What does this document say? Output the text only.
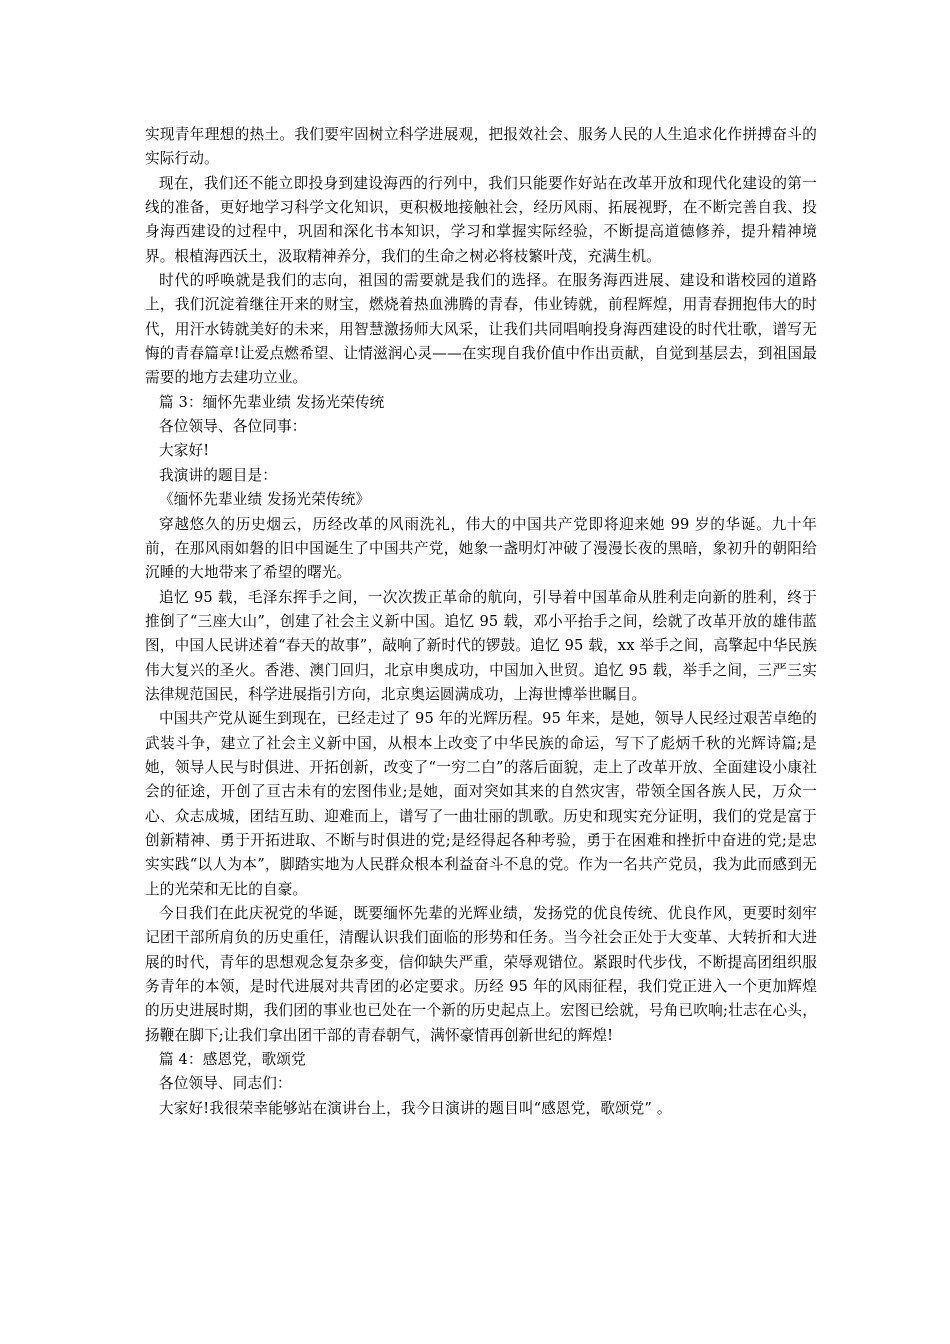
实现青年理想的热土。我们要牢固树立科学进展观，把报效社会、服务人民的人生追求化作拼搏奋斗的实际行动。

现在，我们还不能立即投身到建设海西的行列中，我们只能要作好站在改革开放和现代化建设的第一线的准备，更好地学习科学文化知识，更积极地接触社会，经历风雨、拓展视野，在不断完善自我、投身海西建设的过程中，巩固和深化书本知识，学习和掌握实际经验，不断提高道德修养，提升精神境界。根植海西沃土，汲取精神养分，我们的生命之树必将枝繁叶茂，充满生机。

时代的呼唤就是我们的志向，祖国的需要就是我们的选择。在服务海西进展、建设和谐校园的道路上，我们沉淀着继往开来的财宝，燃烧着热血沸腾的青春，伟业铸就，前程辉煌，用青春拥抱伟大的时代，用汗水铸就美好的未来，用智慧激扬师大风采，让我们共同唱响投身海西建设的时代壮歌，谱写无悔的青春篇章!让爱点燃希望、让情滋润心灵——在实现自我价值中作出贡献，自觉到基层去，到祖国最需要的地方去建功立业。

篇 3：缅怀先辈业绩 发扬光荣传统

各位领导、各位同事：

大家好!

我演讲的题目是：

《缅怀先辈业绩 发扬光荣传统》

穿越悠久的历史烟云，历经改革的风雨洗礼，伟大的中国共产党即将迎来她 99 岁的华诞。九十年前，在那风雨如磐的旧中国诞生了中国共产党，她象一盏明灯冲破了漫漫长夜的黑暗，象初升的朝阳给沉睡的大地带来了希望的曙光。

追忆 95 载，毛泽东挥手之间，一次次拨正革命的航向，引导着中国革命从胜利走向新的胜利，终于推倒了“三座大山”，创建了社会主义新中国。追忆 95 载，邓小平抬手之间，绘就了改革开放的雄伟蓝图，中国人民讲述着“春天的故事”，敲响了新时代的锣鼓。追忆 95 载，xx 举手之间，高擎起中华民族伟大复兴的圣火。香港、澳门回归，北京申奥成功，中国加入世贸。追忆 95 载，举手之间，三严三实法律规范国民，科学进展指引方向，北京奥运圆满成功，上海世博举世瞩目。

中国共产党从诞生到现在，已经走过了 95 年的光辉历程。95 年来，是她，领导人民经过艰苦卓绝的武装斗争，建立了社会主义新中国，从根本上改变了中华民族的命运，写下了彪炳千秋的光辉诗篇;是她，领导人民与时俱进、开拓创新，改变了“一穷二白”的落后面貌，走上了改革开放、全面建设小康社会的征途，开创了亘古未有的宏图伟业;是她，面对突如其来的自然灾害，带领全国各族人民，万众一心、众志成城，团结互助、迎难而上，谱写了一曲壮丽的凯歌。历史和现实充分证明，我们的党是富于创新精神、勇于开拓进取、不断与时俱进的党;是经得起各种考验，勇于在困难和挫折中奋进的党;是忠实实践“以人为本”，脚踏实地为人民群众根本利益奋斗不息的党。作为一名共产党员，我为此而感到无上的光荣和无比的自豪。

今日我们在此庆祝党的华诞，既要缅怀先辈的光辉业绩，发扬党的优良传统、优良作风，更要时刻牢记团干部所肩负的历史重任，清醒认识我们面临的形势和任务。当今社会正处于大变革、大转折和大进展的时代，青年的思想观念复杂多变，信仰缺失严重，荣辱观错位。紧跟时代步伐，不断提高团组织服务青年的本领，是时代进展对共青团的必定要求。历经 95 年的风雨征程，我们党正进入一个更加辉煌的历史进展时期，我们团的事业也已处在一个新的历史起点上。宏图已绘就，号角已吹响;壮志在心头，扬鞭在脚下;让我们拿出团干部的青春朝气，满怀豪情再创新世纪的辉煌!

篇 4：感恩党，歌颂党

各位领导、同志们：

大家好!我很荣幸能够站在演讲台上，我今日演讲的题目叫“感恩党，歌颂党” 。
